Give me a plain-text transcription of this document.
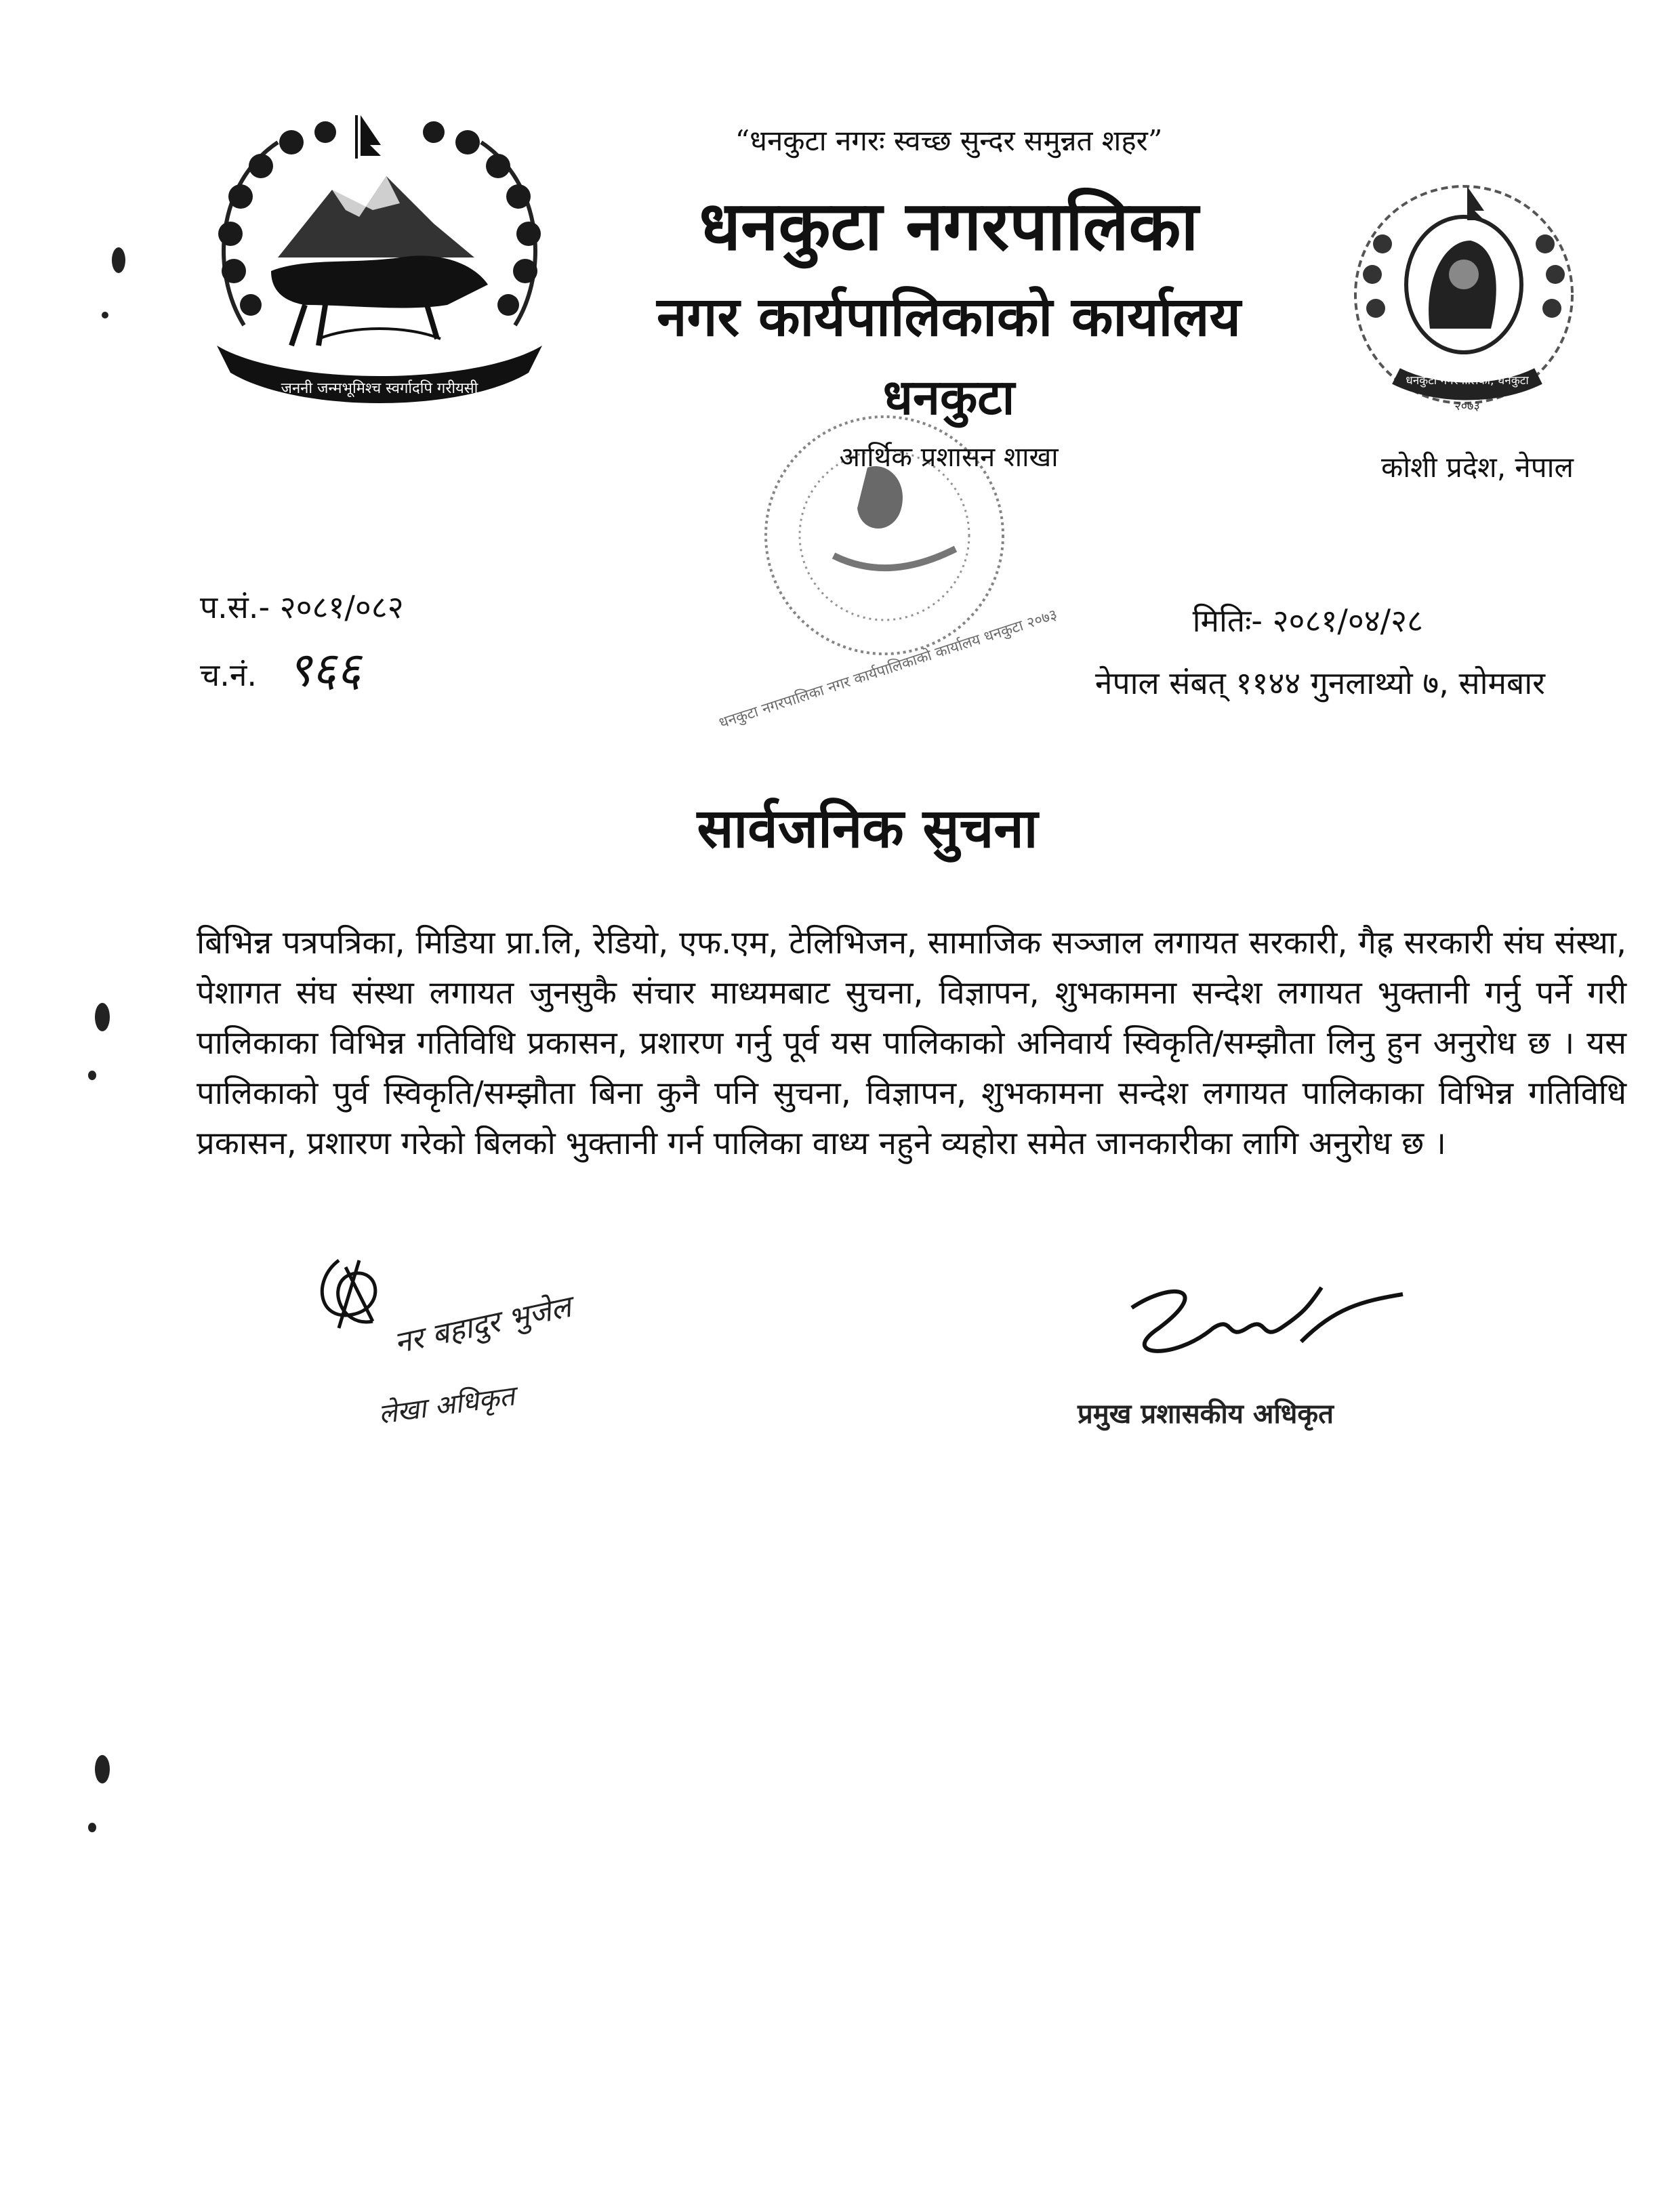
जननी जन्मभूमिश्च स्वर्गादपि गरीयसी	धनकुटा नगरपालिका, धनकुटा
२०७३
धनकुटा नगरपालिका नगर कार्यपालिकाको कार्यालय धनकुटा २०७३
“धनकुटा नगरः स्वच्छ सुन्दर समुन्नत शहर”
धनकुटा नगरपालिका
नगर कार्यपालिकाको कार्यालय
धनकुटा
आर्थिक प्रशासन शाखा	कोशी प्रदेश, नेपाल
प.सं.- २०८१/०८२
च.नं. ९६६
मितिः- २०८१/०४/२८
नेपाल संबत् ११४४ गुनलाथ्यो ७, सोमबार
सार्वजनिक सुचना
बिभिन्न पत्रपत्रिका, मिडिया प्रा.लि, रेडियो, एफ.एम, टेलिभिजन, सामाजिक सञ्जाल लगायत सरकारी, गैह्र सरकारी संघ संस्था, पेशागत संघ संस्था लगायत जुनसुकै संचार माध्यमबाट सुचना, विज्ञापन, शुभकामना सन्देश लगायत भुक्तानी गर्नु पर्ने गरी पालिकाका विभिन्न गतिविधि प्रकासन, प्रशारण गर्नु पूर्व यस पालिकाको अनिवार्य स्विकृति/सम्झौता लिनु हुन अनुरोध छ । यस पालिकाको पुर्व स्विकृति/सम्झौता बिना कुनै पनि सुचना, विज्ञापन, शुभकामना सन्देश लगायत पालिकाका विभिन्न गतिविधि प्रकासन, प्रशारण गरेको बिलको भुक्तानी गर्न पालिका वाध्य नहुने व्यहोरा समेत जानकारीका लागि अनुरोध छ ।
नर बहादुर भुजेल
लेखा अधिकृत	प्रमुख प्रशासकीय अधिकृत
